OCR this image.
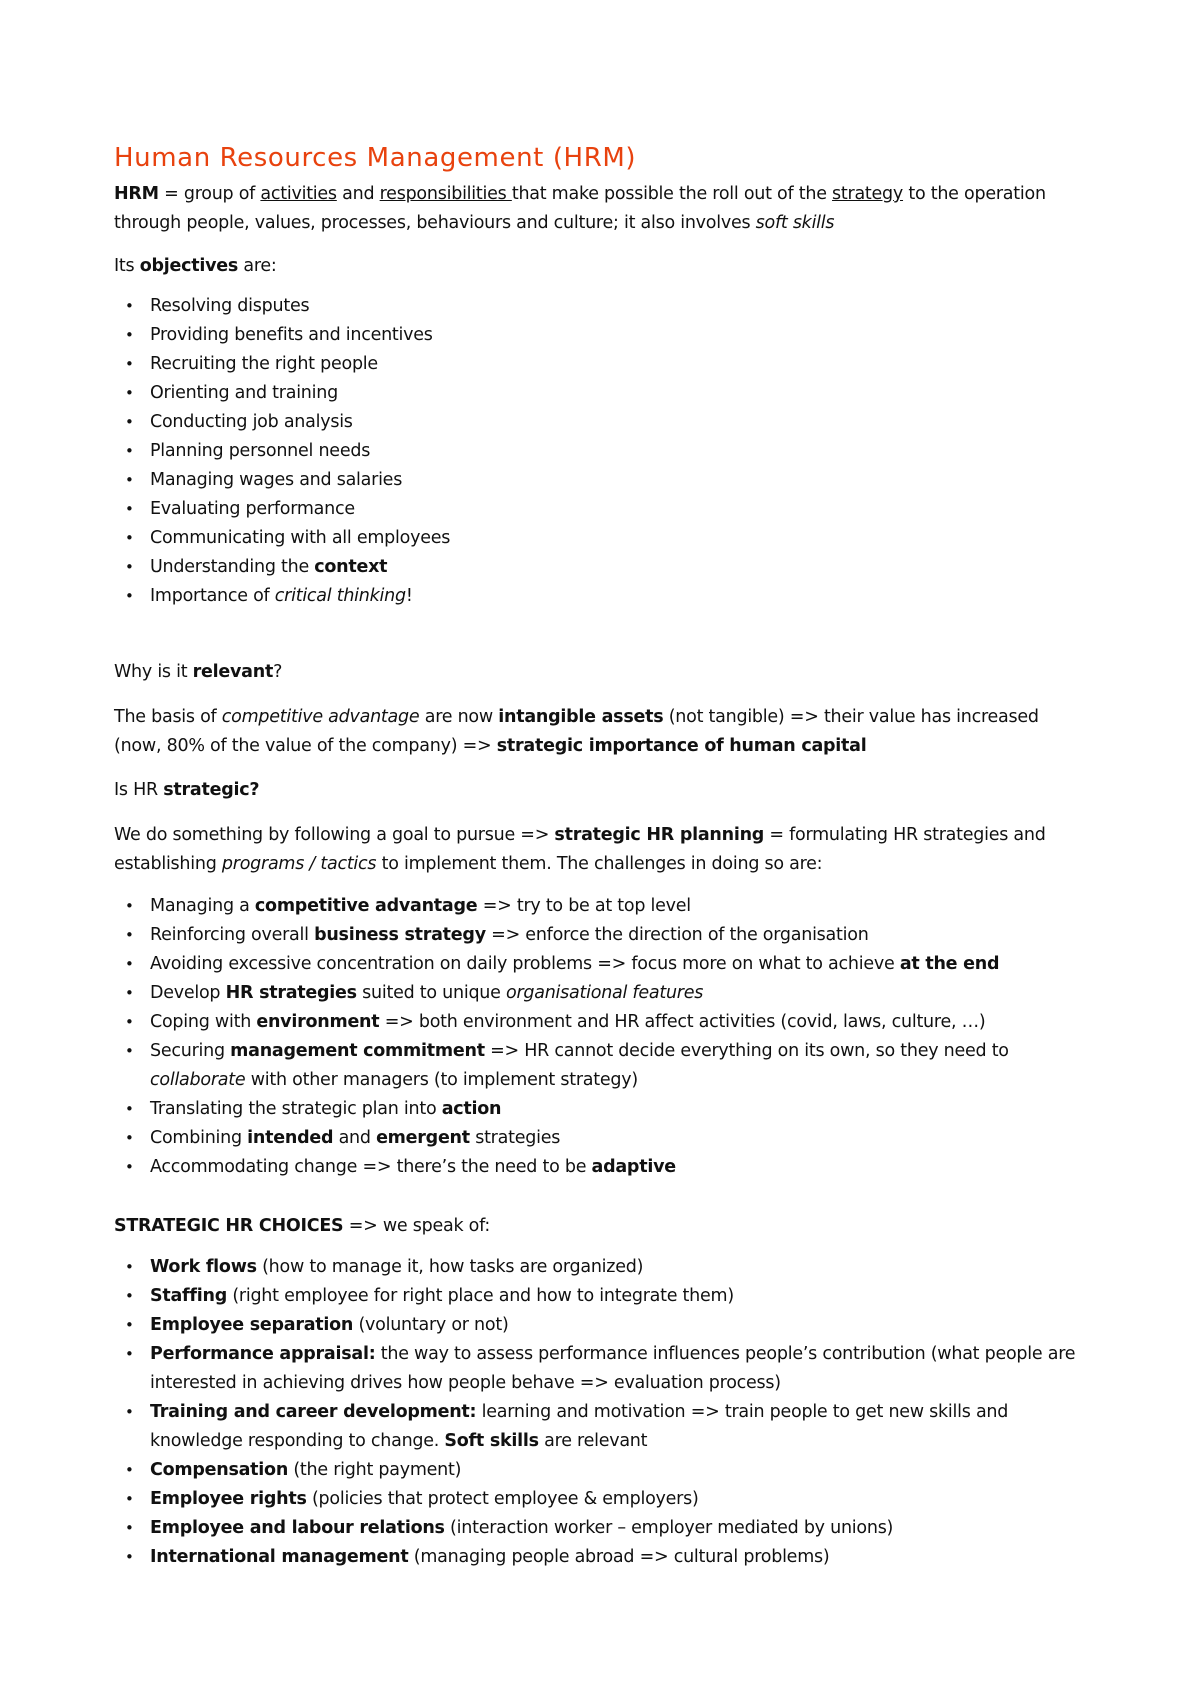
Human Resources Management (HRM)

HRM = group of activities and responsibilities that make possible the roll out of the strategy to the operation through people, values, processes, behaviours and culture; it also involves soft skills

Its objectives are:

• Resolving disputes
• Providing benefits and incentives
• Recruiting the right people
• Orienting and training
• Conducting job analysis
• Planning personnel needs
• Managing wages and salaries
• Evaluating performance
• Communicating with all employees
• Understanding the context
• Importance of critical thinking!

Why is it relevant?

The basis of competitive advantage are now intangible assets (not tangible) => their value has increased (now, 80% of the value of the company) => strategic importance of human capital

Is HR strategic?

We do something by following a goal to pursue => strategic HR planning = formulating HR strategies and establishing programs / tactics to implement them. The challenges in doing so are:

• Managing a competitive advantage => try to be at top level
• Reinforcing overall business strategy => enforce the direction of the organisation
• Avoiding excessive concentration on daily problems => focus more on what to achieve at the end
• Develop HR strategies suited to unique organisational features
• Coping with environment => both environment and HR affect activities (covid, laws, culture, …)
• Securing management commitment => HR cannot decide everything on its own, so they need to collaborate with other managers (to implement strategy)
• Translating the strategic plan into action
• Combining intended and emergent strategies
• Accommodating change => there’s the need to be adaptive

STRATEGIC HR CHOICES => we speak of:

• Work flows (how to manage it, how tasks are organized)
• Staffing (right employee for right place and how to integrate them)
• Employee separation (voluntary or not)
• Performance appraisal: the way to assess performance influences people’s contribution (what people are interested in achieving drives how people behave => evaluation process)
• Training and career development: learning and motivation => train people to get new skills and knowledge responding to change. Soft skills are relevant
• Compensation (the right payment)
• Employee rights (policies that protect employee & employers)
• Employee and labour relations (interaction worker – employer mediated by unions)
• International management (managing people abroad => cultural problems)
